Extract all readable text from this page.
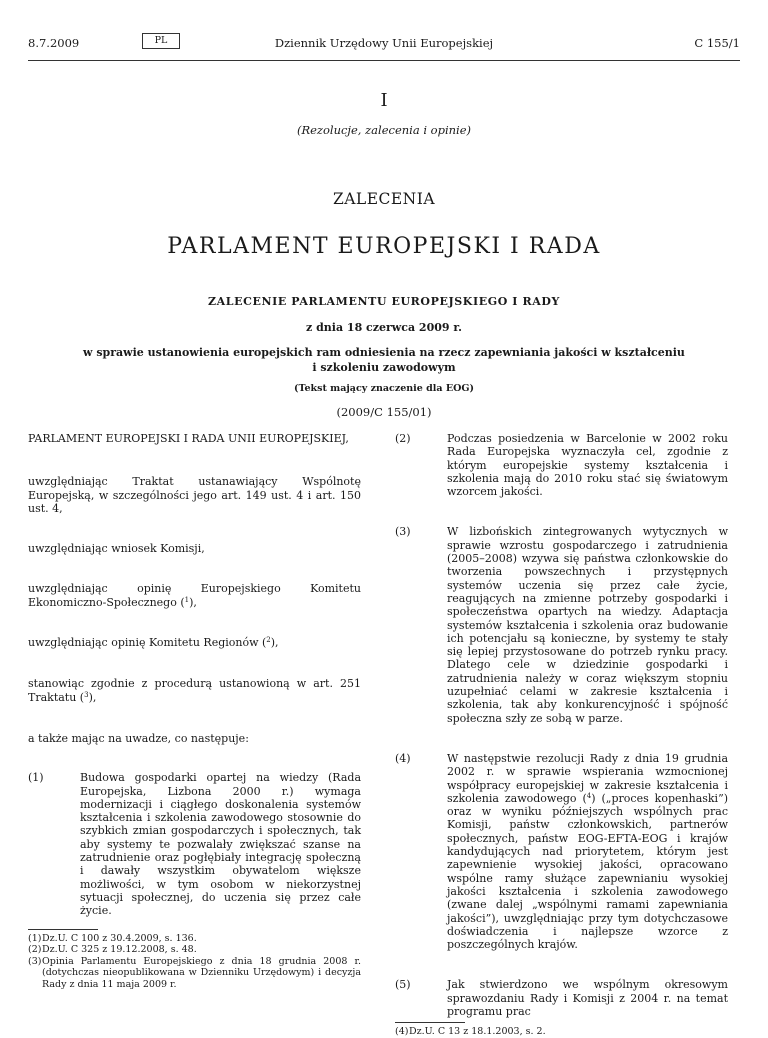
8.7.2009	PL	Dziennik Urzędowy Unii Europejskiej	C 155/1
I
(Rezolucje, zalecenia i opinie)
ZALECENIA
PARLAMENT EUROPEJSKI I RADA
ZALECENIE PARLAMENTU EUROPEJSKIEGO I RADY
z dnia 18 czerwca 2009 r.
w sprawie ustanowienia europejskich ram odniesienia na rzecz zapewniania jakości w kształceniu
i szkoleniu zawodowym
(Tekst mający znaczenie dla EOG)
(2009/C 155/01)

PARLAMENT EUROPEJSKI I RADA UNII EUROPEJSKIEJ,

uwzględniając Traktat ustanawiający Wspólnotę Europejską, w szczególności jego art. 149 ust. 4 i art. 150 ust. 4,

uwzględniając wniosek Komisji,

uwzględniając opinię Europejskiego Komitetu Ekonomiczno-Społecznego ($^1$),

uwzględniając opinię Komitetu Regionów ($^2$),

stanowiąc zgodnie z procedurą ustanowioną w art. 251 Traktatu ($^3$),

a także mając na uwadze, co następuje:

(1)	Budowa gospodarki opartej na wiedzy (Rada Europejska, Lizbona 2000 r.) wymaga modernizacji i ciągłego doskonalenia systemów kształcenia i szkolenia zawodowego stosownie do szybkich zmian gospodarczych i społecznych, tak aby systemy te pozwalały zwiększać szanse na zatrudnienie oraz pogłębiały integrację społeczną i dawały wszystkim obywatelom większe możliwości, w tym osobom w niekorzystnej sytuacji społecznej, do uczenia się przez całe życie.

(1) Dz.U. C 100 z 30.4.2009, s. 136.

(2) Dz.U. C 325 z 19.12.2008, s. 48.

(3) Opinia Parlamentu Europejskiego z dnia 18 grudnia 2008 r. (dotychczas nieopublikowana w Dzienniku Urzędowym) i decyzja Rady z dnia 11 maja 2009 r.

(2)	Podczas posiedzenia w Barcelonie w 2002 roku Rada Europejska wyznaczyła cel, zgodnie z którym europejskie systemy kształcenia i szkolenia mają do 2010 roku stać się światowym wzorcem jakości.

(3)	W lizbońskich zintegrowanych wytycznych w sprawie wzrostu gospodarczego i zatrudnienia (2005–2008) wzywa się państwa członkowskie do tworzenia powszechnych i przystępnych systemów uczenia się przez całe życie, reagujących na zmienne potrzeby gospodarki i społeczeństwa opartych na wiedzy. Adaptacja systemów kształcenia i szkolenia oraz budowanie ich potencjału są konieczne, by systemy te stały się lepiej przystosowane do potrzeb rynku pracy. Dlatego cele w dziedzinie gospodarki i zatrudnienia należy w coraz większym stopniu uzupełniać celami w zakresie kształcenia i szkolenia, tak aby konkurencyjność i spójność społeczna szły ze sobą w parze.

(4)	W następstwie rezolucji Rady z dnia 19 grudnia 2002 r. w sprawie wspierania wzmocnionej współpracy europejskiej w zakresie kształcenia i szkolenia zawodowego ($^4$) („proces kopenhaski”) oraz w wyniku późniejszych wspólnych prac Komisji, państw członkowskich, partnerów społecznych, państw EOG-EFTA-EOG i krajów kandydujących nad priorytetem, którym jest zapewnienie wysokiej jakości, opracowano wspólne ramy służące zapewnianiu wysokiej jakości kształcenia i szkolenia zawodowego (zwane dalej „wspólnymi ramami zapewniania jakości”), uwzględniając przy tym dotychczasowe doświadczenia i najlepsze wzorce z poszczególnych krajów.

(5)	Jak stwierdzono we wspólnym okresowym sprawozdaniu Rady i Komisji z 2004 r. na temat programu prac

(4) Dz.U. C 13 z 18.1.2003, s. 2.
